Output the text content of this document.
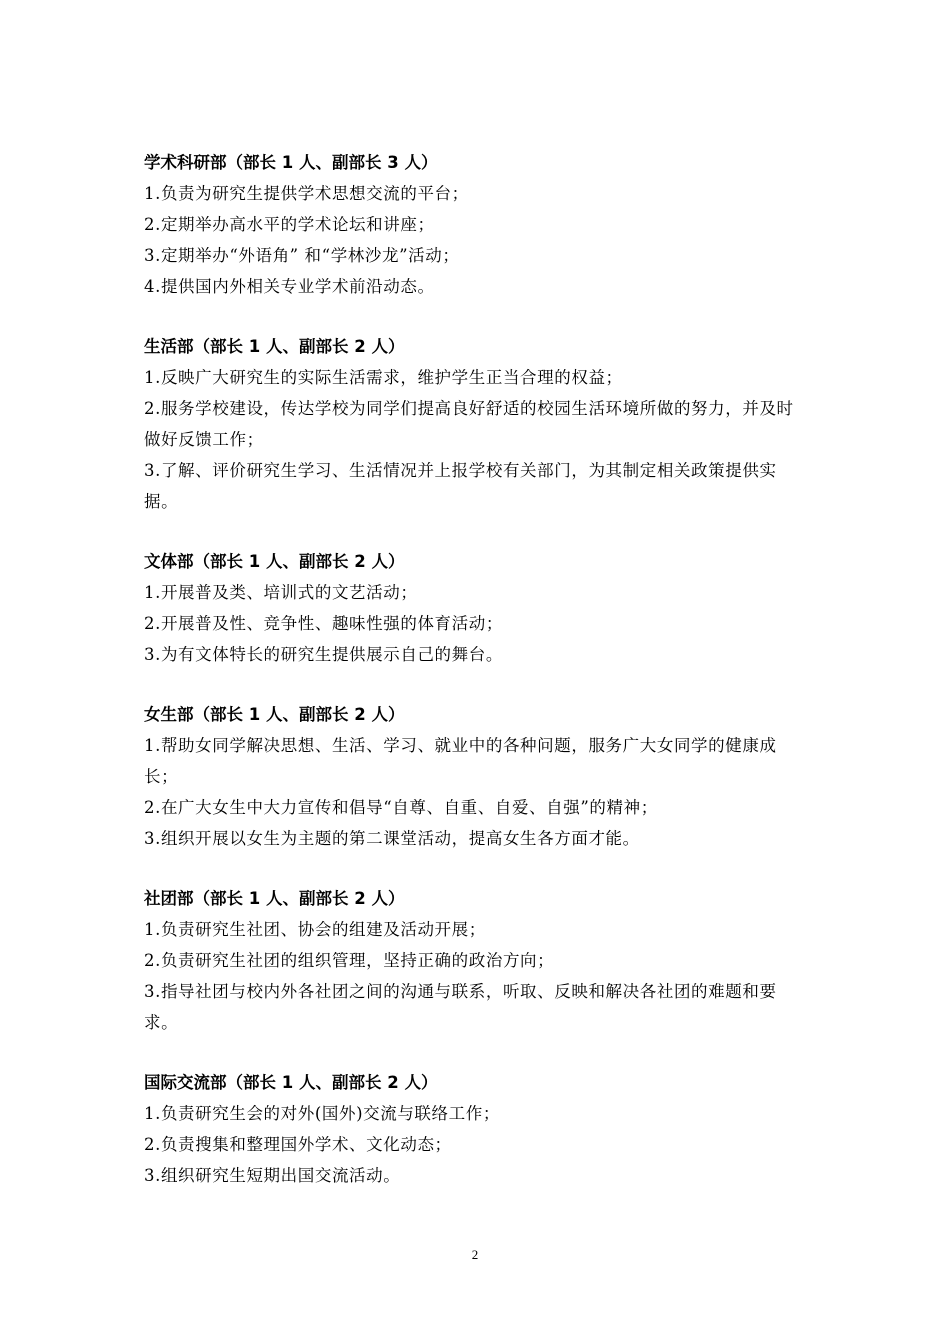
学术科研部（部长 1 人、副部长 3 人）
1.负责为研究生提供学术思想交流的平台；
2.定期举办高水平的学术论坛和讲座；
3.定期举办“外语角” 和“学林沙龙”活动；
4.提供国内外相关专业学术前沿动态。
生活部（部长 1 人、副部长 2 人）
1.反映广大研究生的实际生活需求，维护学生正当合理的权益；
2.服务学校建设，传达学校为同学们提高良好舒适的校园生活环境所做的努力，并及时做好反馈工作；
3.了解、评价研究生学习、生活情况并上报学校有关部门，为其制定相关政策提供实据。
文体部（部长 1 人、副部长 2 人）
1.开展普及类、培训式的文艺活动；
2.开展普及性、竞争性、趣味性强的体育活动；
3.为有文体特长的研究生提供展示自己的舞台。
女生部（部长 1 人、副部长 2 人）
1.帮助女同学解决思想、生活、学习、就业中的各种问题，服务广大女同学的健康成长；
2.在广大女生中大力宣传和倡导“自尊、自重、自爱、自强”的精神；
3.组织开展以女生为主题的第二课堂活动，提高女生各方面才能。
社团部（部长 1 人、副部长 2 人）
1.负责研究生社团、协会的组建及活动开展；
2.负责研究生社团的组织管理，坚持正确的政治方向；
3.指导社团与校内外各社团之间的沟通与联系，听取、反映和解决各社团的难题和要求。
国际交流部（部长 1 人、副部长 2 人）
1.负责研究生会的对外(国外)交流与联络工作；
2.负责搜集和整理国外学术、文化动态；
3.组织研究生短期出国交流活动。
2
